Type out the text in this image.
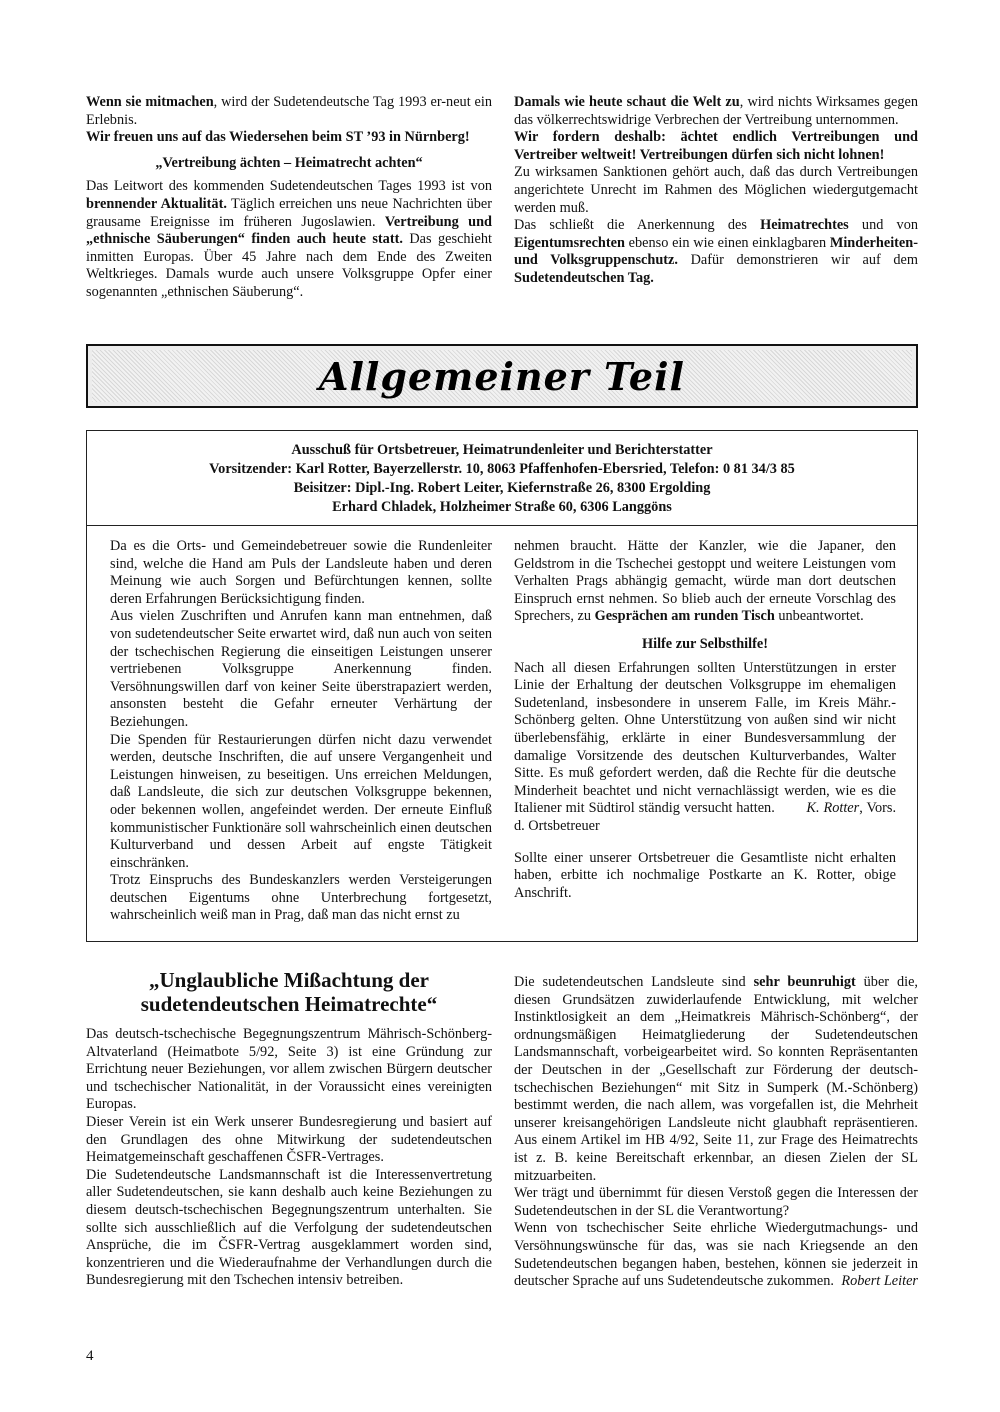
Wenn sie mitmachen, wird der Sudetendeutsche Tag 1993 er-neut ein Erlebnis.

Wir freuen uns auf das Wiedersehen beim ST ’93 in Nürnberg!

„Vertreibung ächten – Heimatrecht achten“

Das Leitwort des kommenden Sudetendeutschen Tages 1993 ist von brennender Aktualität. Täglich erreichen uns neue Nachrichten über grausame Ereignisse im früheren Jugoslawien. Vertreibung und „ethnische Säuberungen“ finden auch heute statt. Das geschieht inmitten Europas. Über 45 Jahre nach dem Ende des Zweiten Weltkrieges. Damals wurde auch unsere Volksgruppe Opfer einer sogenannten „ethnischen Säuberung“.

Damals wie heute schaut die Welt zu, wird nichts Wirksames gegen das völkerrechtswidrige Verbrechen der Vertreibung unternommen.

Wir fordern deshalb: ächtet endlich Vertreibungen und Vertreiber weltweit! Vertreibungen dürfen sich nicht lohnen!

Zu wirksamen Sanktionen gehört auch, daß das durch Vertreibungen angerichtete Unrecht im Rahmen des Möglichen wiedergutgemacht werden muß.

Das schließt die Anerkennung des Heimatrechtes und von Eigentumsrechten ebenso ein wie einen einklagbaren Minderheiten- und Volksgruppenschutz. Dafür demonstrieren wir auf dem Sudetendeutschen Tag.

Allgemeiner Teil
Ausschuß für Ortsbetreuer, Heimatrundenleiter und Berichterstatter
Vorsitzender: Karl Rotter, Bayerzellerstr. 10, 8063 Pfaffenhofen-Ebersried, Telefon: 0 81 34/3 85
Beisitzer: Dipl.-Ing. Robert Leiter, Kiefernstraße 26, 8300 Ergolding
Erhard Chladek, Holzheimer Straße 60, 6306 Langgöns

Da es die Orts- und Gemeindebetreuer sowie die Rundenleiter sind, welche die Hand am Puls der Landsleute haben und deren Meinung wie auch Sorgen und Befürchtungen kennen, sollte deren Erfahrungen Berücksichtigung finden.

Aus vielen Zuschriften und Anrufen kann man entnehmen, daß von sudetendeutscher Seite erwartet wird, daß nun auch von seiten der tschechischen Regierung die einseitigen Leistungen unserer vertriebenen Volksgruppe Anerkennung finden. Versöhnungswillen darf von keiner Seite überstrapaziert werden, ansonsten besteht die Gefahr erneuter Verhärtung der Beziehungen.

Die Spenden für Restaurierungen dürfen nicht dazu verwendet werden, deutsche Inschriften, die auf unsere Vergangenheit und Leistungen hinweisen, zu beseitigen. Uns erreichen Meldungen, daß Landsleute, die sich zur deutschen Volksgruppe bekennen, oder bekennen wollen, angefeindet werden. Der erneute Einfluß kommunistischer Funktionäre soll wahrscheinlich einen deutschen Kulturverband und dessen Arbeit auf engste Tätigkeit einschränken.

Trotz Einspruchs des Bundeskanzlers werden Versteigerungen deutschen Eigentums ohne Unterbrechung fortgesetzt, wahrscheinlich weiß man in Prag, daß man das nicht ernst zu

nehmen braucht. Hätte der Kanzler, wie die Japaner, den Geldstrom in die Tschechei gestoppt und weitere Leistungen vom Verhalten Prags abhängig gemacht, würde man dort deutschen Einspruch ernst nehmen. So blieb auch der erneute Vorschlag des Sprechers, zu Gesprächen am runden Tisch unbeantwortet.

Hilfe zur Selbsthilfe!

Nach all diesen Erfahrungen sollten Unterstützungen in erster Linie der Erhaltung der deutschen Volksgruppe im ehemaligen Sudetenland, insbesondere in unserem Falle, im Kreis Mähr.-Schönberg gelten. Ohne Unterstützung von außen sind wir nicht überlebensfähig, erklärte in einer Bundesversammlung der damalige Vorsitzende des deutschen Kulturverbandes, Walter Sitte. Es muß gefordert werden, daß die Rechte für die deutsche Minderheit beachtet und nicht vernachlässigt werden, wie es die Italiener mit Südtirol ständig versucht hatten. K. Rotter, Vors. d. Ortsbetreuer

Sollte einer unserer Ortsbetreuer die Gesamtliste nicht erhalten haben, erbitte ich nochmalige Postkarte an K. Rotter, obige Anschrift.

„Unglaubliche Mißachtung der
sudetendeutschen Heimatrechte“

Das deutsch-tschechische Begegnungszentrum Mährisch-Schönberg-Altvaterland (Heimatbote 5/92, Seite 3) ist eine Gründung zur Errichtung neuer Beziehungen, vor allem zwischen Bürgern deutscher und tschechischer Nationalität, in der Voraussicht eines vereinigten Europas.

Dieser Verein ist ein Werk unserer Bundesregierung und basiert auf den Grundlagen des ohne Mitwirkung der sudetendeutschen Heimatgemeinschaft geschaffenen ČSFR-Vertrages.

Die Sudetendeutsche Landsmannschaft ist die Interessenvertretung aller Sudetendeutschen, sie kann deshalb auch keine Beziehungen zu diesem deutsch-tschechischen Begegnungszentrum unterhalten. Sie sollte sich ausschließlich auf die Verfolgung der sudetendeutschen Ansprüche, die im ČSFR-Vertrag ausgeklammert worden sind, konzentrieren und die Wiederaufnahme der Verhandlungen durch die Bundesregierung mit den Tschechen intensiv betreiben.

Die sudetendeutschen Landsleute sind sehr beunruhigt über die, diesen Grundsätzen zuwiderlaufende Entwicklung, mit welcher Instinktlosigkeit an dem „Heimatkreis Mährisch-Schönberg“, der ordnungsmäßigen Heimatgliederung der Sudetendeutschen Landsmannschaft, vorbeigearbeitet wird. So konnten Repräsentanten der Deutschen in der „Gesellschaft zur Förderung der deutsch-tschechischen Beziehungen“ mit Sitz in Sumperk (M.-Schönberg) bestimmt werden, die nach allem, was vorgefallen ist, die Mehrheit unserer kreisangehörigen Landsleute nicht glaubhaft repräsentieren. Aus einem Artikel im HB 4/92, Seite 11, zur Frage des Heimatrechts ist z. B. keine Bereitschaft erkennbar, an diesen Zielen der SL mitzuarbeiten.

Wer trägt und übernimmt für diesen Verstoß gegen die Interessen der Sudetendeutschen in der SL die Verantwortung?

Wenn von tschechischer Seite ehrliche Wiedergutmachungs- und Versöhnungswünsche für das, was sie nach Kriegsende an den Sudetendeutschen begangen haben, bestehen, können sie jederzeit in deutscher Sprache auf uns Sudetendeutsche zukommen. Robert Leiter

4
